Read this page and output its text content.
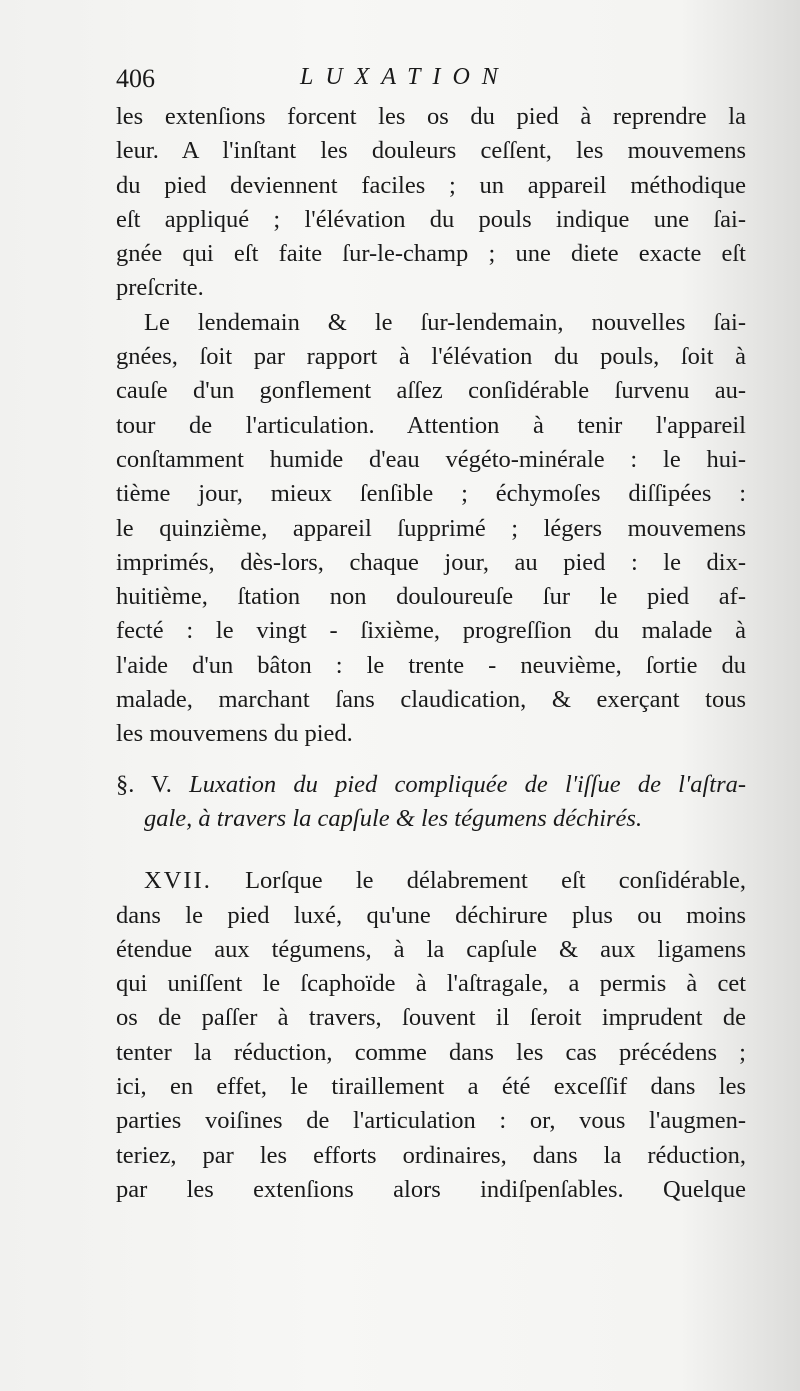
406	LUXATION
les extenſions forcent les os du pied à reprendre la
leur. A l'inſtant les douleurs ceſſent, les mouvemens
du pied deviennent faciles ; un appareil méthodique
eſt appliqué ; l'élévation du pouls indique une ſai-
gnée qui eſt faite ſur-le-champ ; une diete exacte eſt
preſcrite.
Le lendemain & le ſur-lendemain, nouvelles ſai-
gnées, ſoit par rapport à l'élévation du pouls, ſoit à
cauſe d'un gonflement aſſez conſidérable ſurvenu au-
tour de l'articulation. Attention à tenir l'appareil
conſtamment humide d'eau végéto-minérale : le hui-
tième jour, mieux ſenſible ; échymoſes diſſipées :
le quinzième, appareil ſupprimé ; légers mouvemens
imprimés, dès-lors, chaque jour, au pied : le dix-
huitième, ſtation non douloureuſe ſur le pied af-
fecté : le vingt - ſixième, progreſſion du malade à
l'aide d'un bâton : le trente - neuvième, ſortie du
malade, marchant ſans claudication, & exerçant tous
les mouvemens du pied.
§. V. Luxation du pied compliquée de l'iſſue de l'aſtra-
gale, à travers la capſule & les tégumens déchirés.
XVII. Lorſque le délabrement eſt conſidérable,
dans le pied luxé, qu'une déchirure plus ou moins
étendue aux tégumens, à la capſule & aux ligamens
qui uniſſent le ſcaphoïde à l'aſtragale, a permis à cet
os de paſſer à travers, ſouvent il ſeroit imprudent de
tenter la réduction, comme dans les cas précédens ;
ici, en effet, le tiraillement a été exceſſif dans les
parties voiſines de l'articulation : or, vous l'augmen-
teriez, par les efforts ordinaires, dans la réduction,
par les extenſions alors indiſpenſables. Quelque
